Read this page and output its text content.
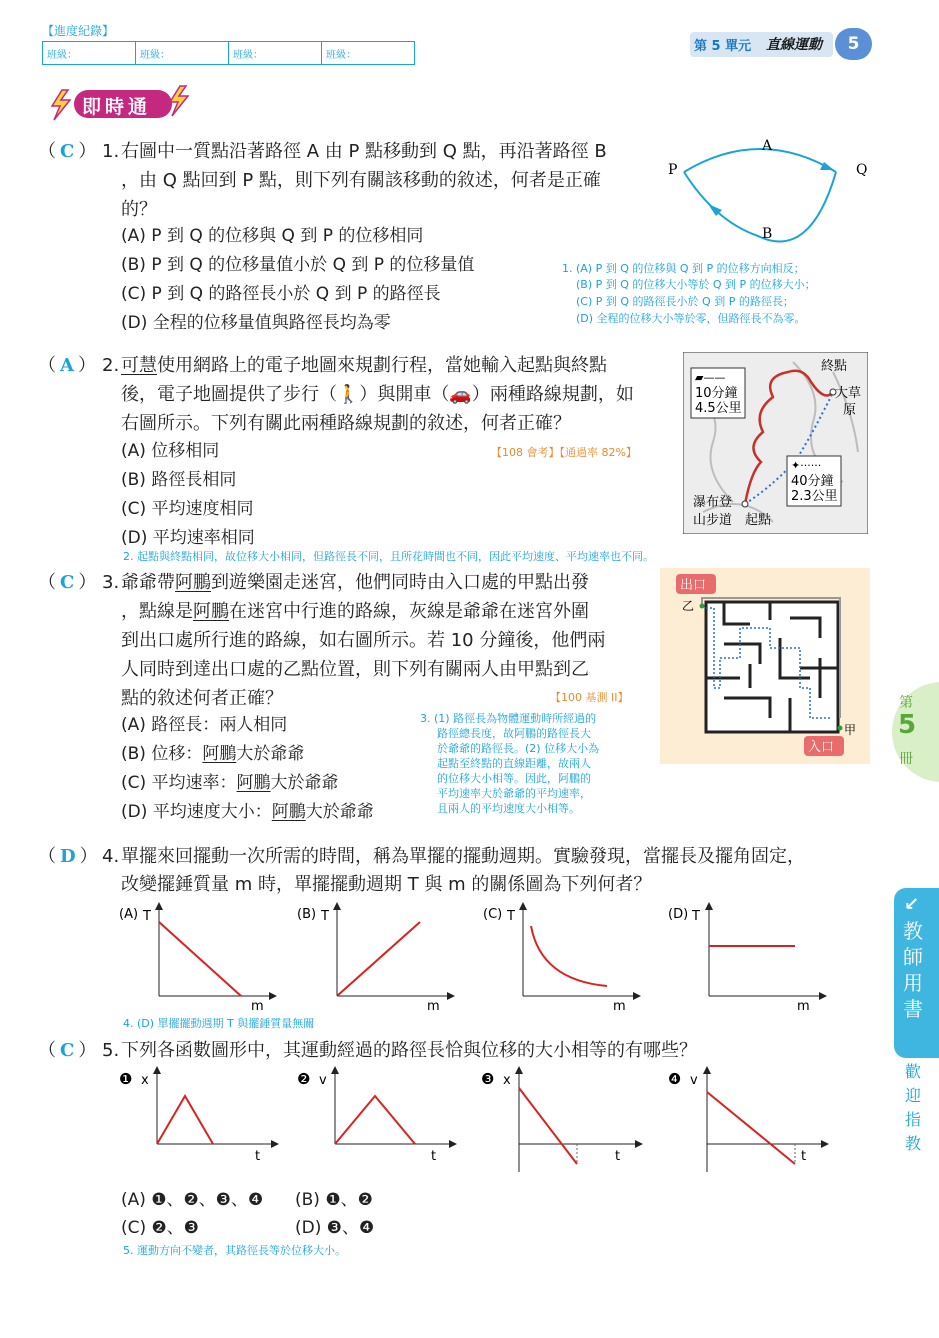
【進度紀錄】
班級：	班級：	班級：	班級：
第 5 單元 直線運動	5
即時通
（ C ） 1. 右圖中一質點沿著路徑 A 由 P 點移動到 Q 點，再沿著路徑 B
，由 Q 點回到 P 點，則下列有關該移動的敘述，何者是正確
的？
(A) P 到 Q 的位移與 Q 到 P 的位移相同
(B) P 到 Q 的位移量值小於 Q 到 P 的位移量值
(C) P 到 Q 的路徑長小於 Q 到 P 的路徑長
(D) 全程的位移量值與路徑長均為零
P	Q
A
B
1. (A) P 到 Q 的位移與 Q 到 P 的位移方向相反；
(B) P 到 Q 的位移大小等於 Q 到 P 的位移大小；
(C) P 到 Q 的路徑長小於 Q 到 P 的路徑長；
(D) 全程的位移大小等於零，但路徑長不為零。
（ A ） 2. 可慧使用網路上的電子地圖來規劃行程，當她輸入起點與終點
後，電子地圖提供了步行（🚶）與開車（🚗）兩種路線規劃，如
右圖所示。下列有關此兩種路線規劃的敘述，何者正確？
【108 會考】【通過率 82%】
(A) 位移相同
(B) 路徑長相同
(C) 平均速度相同
(D) 平均速率相同
▰——
10分鐘
4.5公里
✦······
40分鐘
2.3公里
終點
大草
原
瀑布登
山步道 起點
2. 起點與終點相同，故位移大小相同，但路徑長不同，且所花時間也不同，因此平均速度、平均速率也不同。
（ C ） 3. 爺爺帶阿鵬到遊樂園走迷宮，他們同時由入口處的甲點出發
，點線是阿鵬在迷宮中行進的路線，灰線是爺爺在迷宮外圍
到出口處所行進的路線，如右圖所示。若 10 分鐘後，他們兩
人同時到達出口處的乙點位置，則下列有關兩人由甲點到乙
點的敘述何者正確？	【100 基測 II】
(A) 路徑長：兩人相同
(B) 位移：阿鵬大於爺爺
(C) 平均速率：阿鵬大於爺爺
(D) 平均速度大小：阿鵬大於爺爺
3. (1) 路徑長為物體運動時所經過的
路徑總長度，故阿鵬的路徑長大
於爺爺的路徑長。(2) 位移大小為
起點至終點的直線距離，故兩人
的位移大小相等。因此，阿鵬的
平均速率大於爺爺的平均速率，
且兩人的平均速度大小相等。
出口
入口
乙
甲
（ D ） 4. 單擺來回擺動一次所需的時間，稱為單擺的擺動週期。實驗發現，當擺長及擺角固定，
改變擺錘質量 m 時，單擺擺動週期 T 與 m 的關係圖為下列何者？
(A) T
m
(B) T
m
(C) T
m
(D) T
m
4. (D) 單擺擺動週期 T 與擺錘質量無關
（ C ） 5. 下列各函數圖形中，其運動經過的路徑長恰與位移的大小相等的有哪些？
❶ x
t
❷ v
t
❸ x
t
❹ v
t
(A) ❶、❷、❸、❹ (B) ❶、❷
(C) ❷、❸	(D) ❸、❹
5. 運動方向不變者，其路徑長等於位移大小。
第
5
冊
↙
教師用書
歡
迎
指
教
